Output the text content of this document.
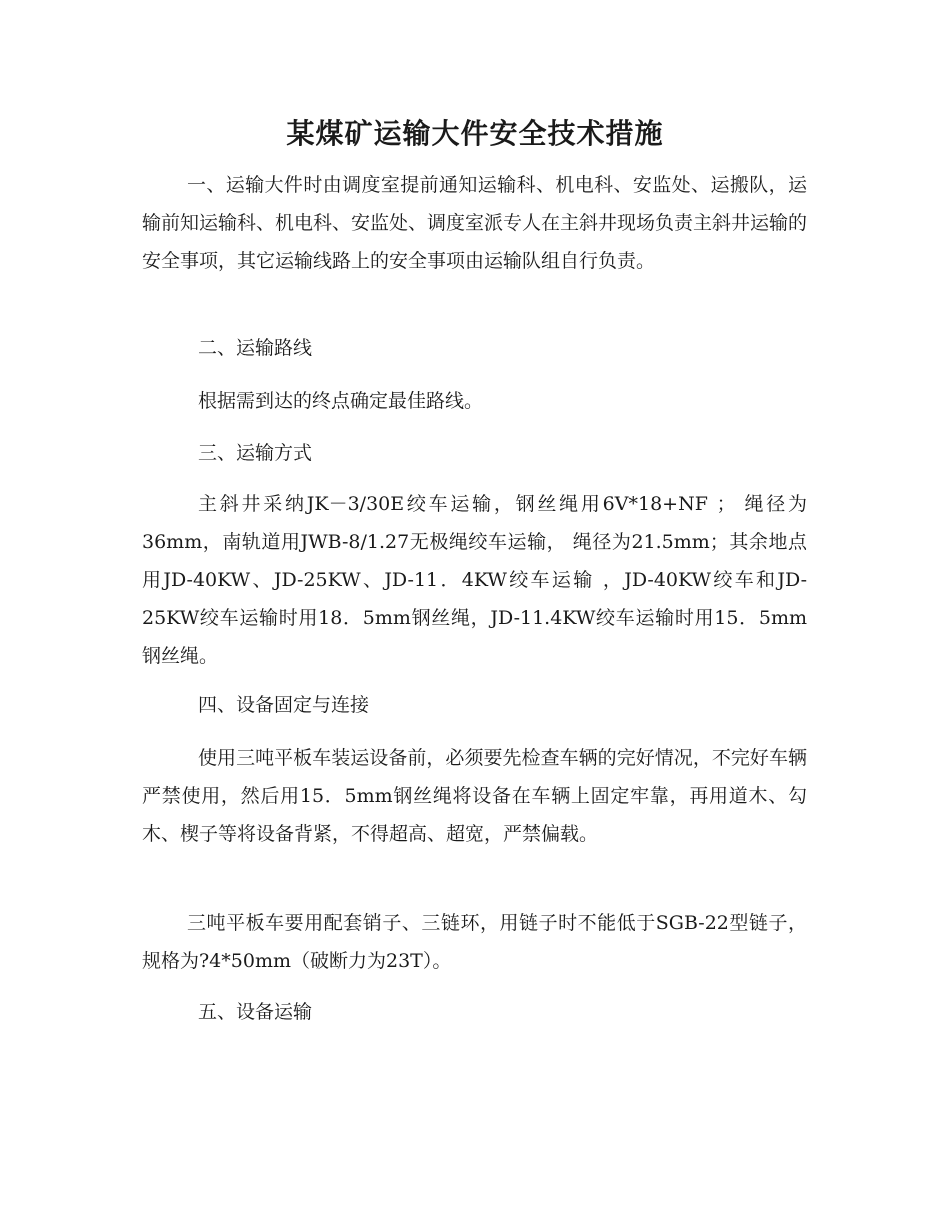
某煤矿运输大件安全技术措施

一、运输大件时由调度室提前通知运输科、机电科、安监处、运搬队，运输前知运输科、机电科、安监处、调度室派专人在主斜井现场负责主斜井运输的安全事项，其它运输线路上的安全事项由运输队组自行负责。

二、运输路线

根据需到达的终点确定最佳路线。

三、运输方式

主斜井采纳JK－3/30E绞车运输，钢丝绳用6V*18+NF ； 绳径为36mm，南轨道用JWB-8/1.27无极绳绞车运输， 绳径为21.5mm；其余地点用JD-40KW、JD-25KW、JD-11．4KW绞车运输 ，JD-40KW绞车和JD-25KW绞车运输时用18．5mm钢丝绳，JD-11.4KW绞车运输时用15．5mm钢丝绳。

四、设备固定与连接

使用三吨平板车装运设备前，必须要先检查车辆的完好情况，不完好车辆严禁使用，然后用15．5mm钢丝绳将设备在车辆上固定牢靠，再用道木、勾木、楔子等将设备背紧，不得超高、超宽，严禁偏载。

三吨平板车要用配套销子、三链环，用链子时不能低于SGB-22型链子，规格为?4*50mm（破断力为23T）。

五、设备运输
